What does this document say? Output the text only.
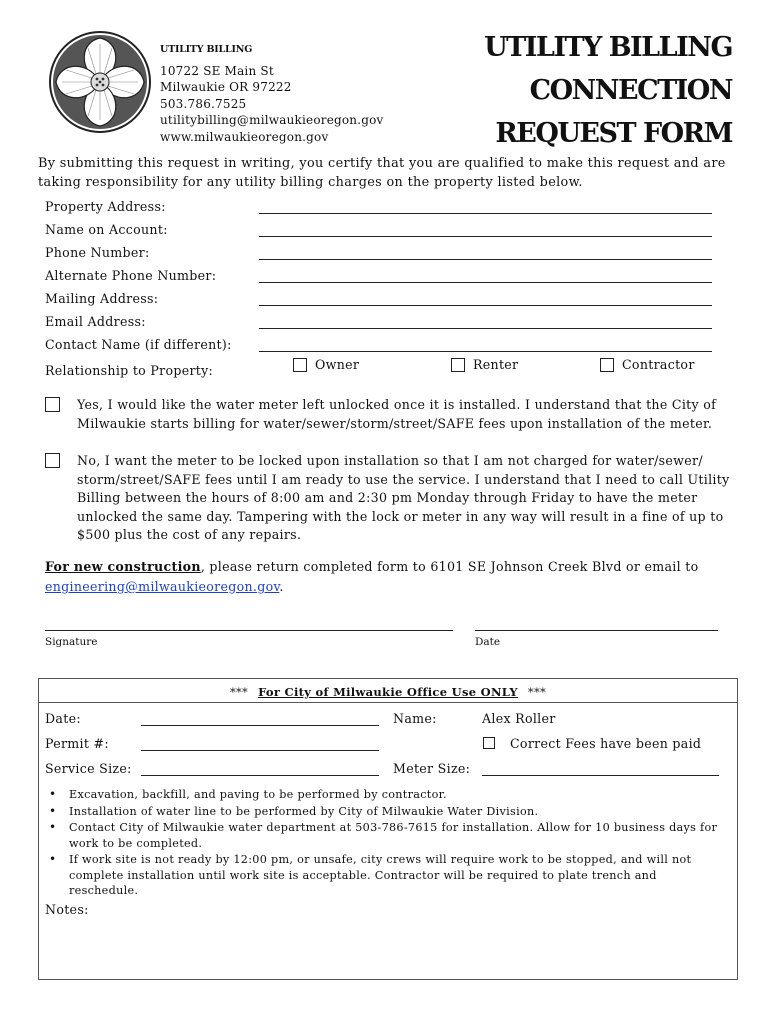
UTILITY BILLING
10722 SE Main St
Milwaukie OR 97222
503.786.7525
utilitybilling@milwaukieoregon.gov
www.milwaukieoregon.gov
UTILITY BILLING
CONNECTION
REQUEST FORM

By submitting this request in writing, you certify that you are qualified to make this request and are taking responsibility for any utility billing charges on the property listed below.

Property Address:
Name on Account:
Phone Number:
Alternate Phone Number:
Mailing Address:
Email Address:
Contact Name (if different):
Relationship to Property:	Owner	Renter	Contractor

Yes, I would like the water meter left unlocked once it is installed. I understand that the City of Milwaukie starts billing for water/sewer/storm/street/SAFE fees upon installation of the meter.

No, I want the meter to be locked upon installation so that I am not charged for water/sewer/ storm/street/SAFE fees until I am ready to use the service. I understand that I need to call Utility Billing between the hours of 8:00 am and 2:30 pm Monday through Friday to have the meter unlocked the same day. Tampering with the lock or meter in any way will result in a fine of up to $500 plus the cost of any repairs.

For new construction, please return completed form to 6101 SE Johnson Creek Blvd or email to engineering@milwaukieoregon.gov.

Signature	Date
*** For City of Milwaukie Office Use ONLY ***
Date:	Name:	Alex Roller
Permit #:	Correct Fees have been paid
Service Size:	Meter Size:
• Excavation, backfill, and paving to be performed by contractor.
• Installation of water line to be performed by City of Milwaukie Water Division.
• Contact City of Milwaukie water department at 503-786-7615 for installation. Allow for 10 business days for work to be completed.
• If work site is not ready by 12:00 pm, or unsafe, city crews will require work to be stopped, and will not complete installation until work site is acceptable. Contractor will be required to plate trench and reschedule.
Notes:
